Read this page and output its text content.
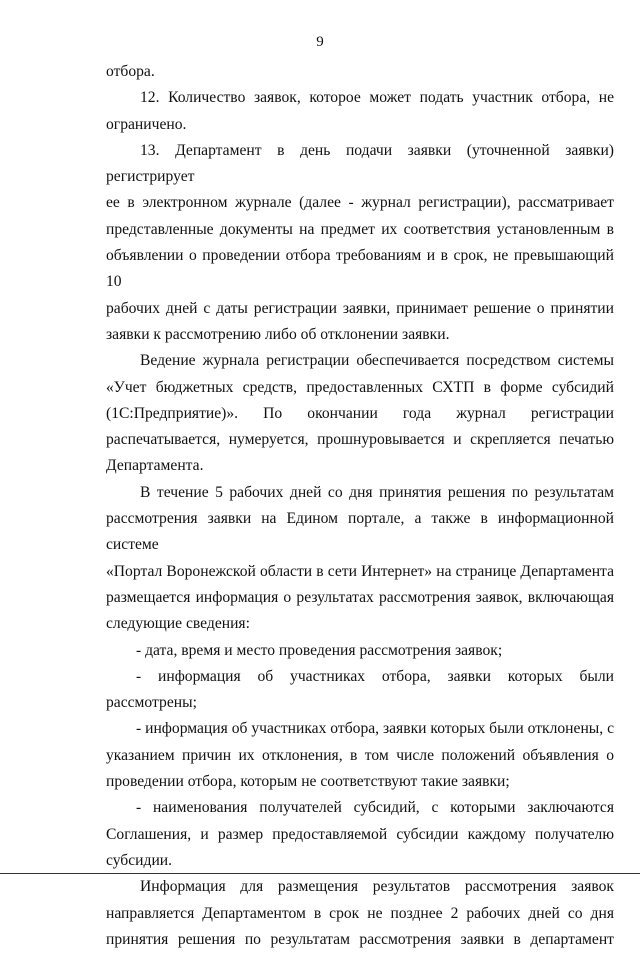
9

отбора.

12. Количество заявок, которое может подать участник отбора, не

ограничено.

13. Департамент в день подачи заявки (уточненной заявки) регистрирует

ее в электронном журнале (далее - журнал регистрации), рассматривает

представленные документы на предмет их соответствия установленным в

объявлении о проведении отбора требованиям и в срок, не превышающий 10

рабочих дней с даты регистрации заявки, принимает решение о принятии

заявки к рассмотрению либо об отклонении заявки.

Ведение журнала регистрации обеспечивается посредством системы

«Учет бюджетных средств, предоставленных СХТП в форме субсидий

(1С:Предприятие)». По окончании года журнал регистрации

распечатывается, нумеруется, прошнуровывается и скрепляется печатью

Департамента.

В течение 5 рабочих дней со дня принятия решения по результатам

рассмотрения заявки на Едином портале, а также в информационной системе

«Портал Воронежской области в сети Интернет» на странице Департамента

размещается информация о результатах рассмотрения заявок, включающая

следующие сведения:

- дата, время и место проведения рассмотрения заявок;

- информация об участниках отбора, заявки которых были рассмотрены;

- информация об участниках отбора, заявки которых были отклонены, с

указанием причин их отклонения, в том числе положений объявления о

проведении отбора, которым не соответствуют такие заявки;

- наименования получателей субсидий, с которыми заключаются

Соглашения, и размер предоставляемой субсидии каждому получателю

субсидии.

Информация для размещения результатов рассмотрения заявок

направляется Департаментом в срок не позднее 2 рабочих дней со дня

принятия решения по результатам рассмотрения заявки в департамент
